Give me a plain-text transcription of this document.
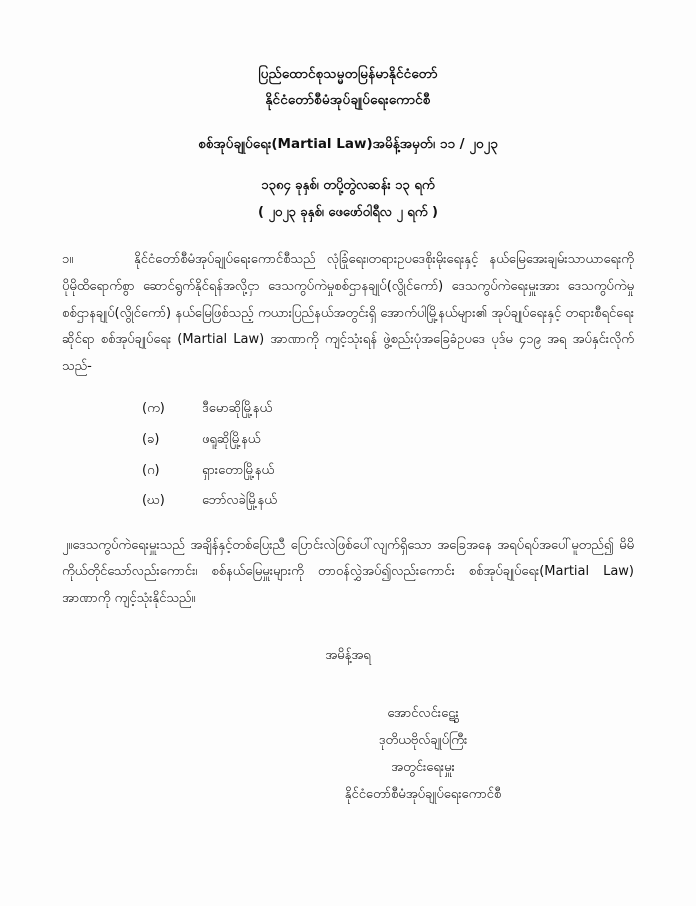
ပြည်ထောင်စုသမ္မတမြန်မာနိုင်ငံတော်
နိုင်ငံတော်စီမံအုပ်ချုပ်ရေးကောင်စီ
စစ်အုပ်ချုပ်ရေး(Martial Law)အမိန့်အမှတ်၊ ၁၁ / ၂၀၂၃
၁၃၈၄ ခုနှစ်၊ တပို့တွဲလဆန်း ၁၃ ရက်
( ၂၀၂၃ ခုနှစ်၊ ဖေဖော်ဝါရီလ ၂ ရက် )
၁။	နိုင်ငံတော်စီမံအုပ်ချုပ်ရေးကောင်စီသည် လုံခြုံရေး၊တရားဥပဒေစိုးမိုးရေးနှင့် နယ်မြေအေးချမ်းသာယာရေးကို ပိုမိုထိရောက်စွာ ဆောင်ရွက်နိုင်ရန်အလို့ငှာ ဒေသကွပ်ကဲမှုစစ်ဌာနချုပ်(လွိုင်ကော်) ဒေသကွပ်ကဲရေးမှူးအား ဒေသကွပ်ကဲမှုစစ်ဌာနချုပ်(လွိုင်ကော်) နယ်မြေဖြစ်သည့် ကယားပြည်နယ်အတွင်းရှိ အောက်ပါမြို့နယ်များ၏ အုပ်ချုပ်ရေးနှင့် တရားစီရင်ရေးဆိုင်ရာ စစ်အုပ်ချုပ်ရေး (Martial Law) အာဏာကို ကျင့်သုံးရန် ဖွဲ့စည်းပုံအခြေခံဥပဒေ ပုဒ်မ ၄၁၉ အရ အပ်နှင်းလိုက်သည်-
(က)	ဒီမောဆိုမြို့နယ်
(ခ)	ဖရူဆိုမြို့နယ်
(ဂ)	ရှားတောမြို့နယ်
(ဃ)	ဘော်လခဲမြို့နယ်
၂။ဒေသကွပ်ကဲရေးမှူးသည် အချိန်နှင့်တစ်ပြေးညီ ပြောင်းလဲဖြစ်ပေါ်လျက်ရှိသော အခြေအနေ အရပ်ရပ်အပေါ်မူတည်၍ မိမိကိုယ်တိုင်သော်လည်းကောင်း၊ စစ်နယ်မြေမှူးများကို တာဝန်လွှဲအပ်၍လည်းကောင်း စစ်အုပ်ချုပ်ရေး(Martial Law) အာဏာကို ကျင့်သုံးနိုင်သည်။
အမိန့်အရ
အောင်လင်းဋွေး
ဒုတိယဗိုလ်ချုပ်ကြီး
အတွင်းရေးမှူး
နိုင်ငံတော်စီမံအုပ်ချုပ်ရေးကောင်စီ
